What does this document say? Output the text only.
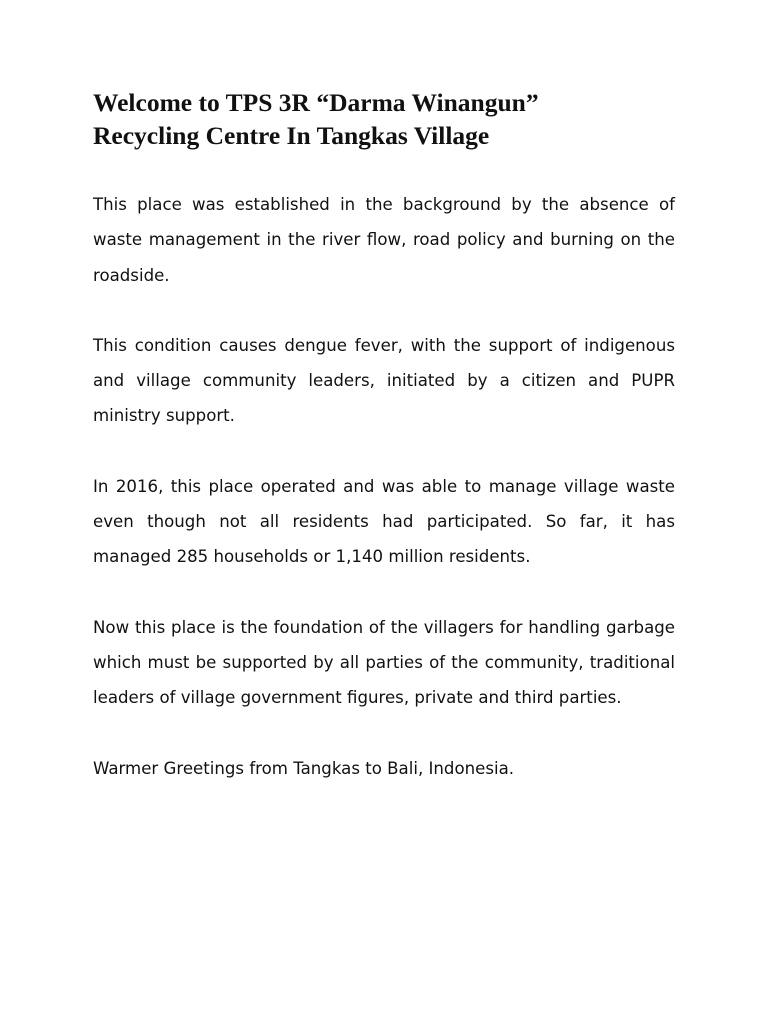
Welcome to TPS 3R “Darma Winangun”
Recycling Centre In Tangkas Village

This place was established in the background by the absence of waste management in the river flow, road policy and burning on the roadside.

This condition causes dengue fever, with the support of indigenous and village community leaders, initiated by a citizen and PUPR ministry support.

In 2016, this place operated and was able to manage village waste even though not all residents had participated. So far, it has managed 285 households or 1,140 million residents.

Now this place is the foundation of the villagers for handling garbage which must be supported by all parties of the community, traditional leaders of village government figures, private and third parties.

Warmer Greetings from Tangkas to Bali, Indonesia.
